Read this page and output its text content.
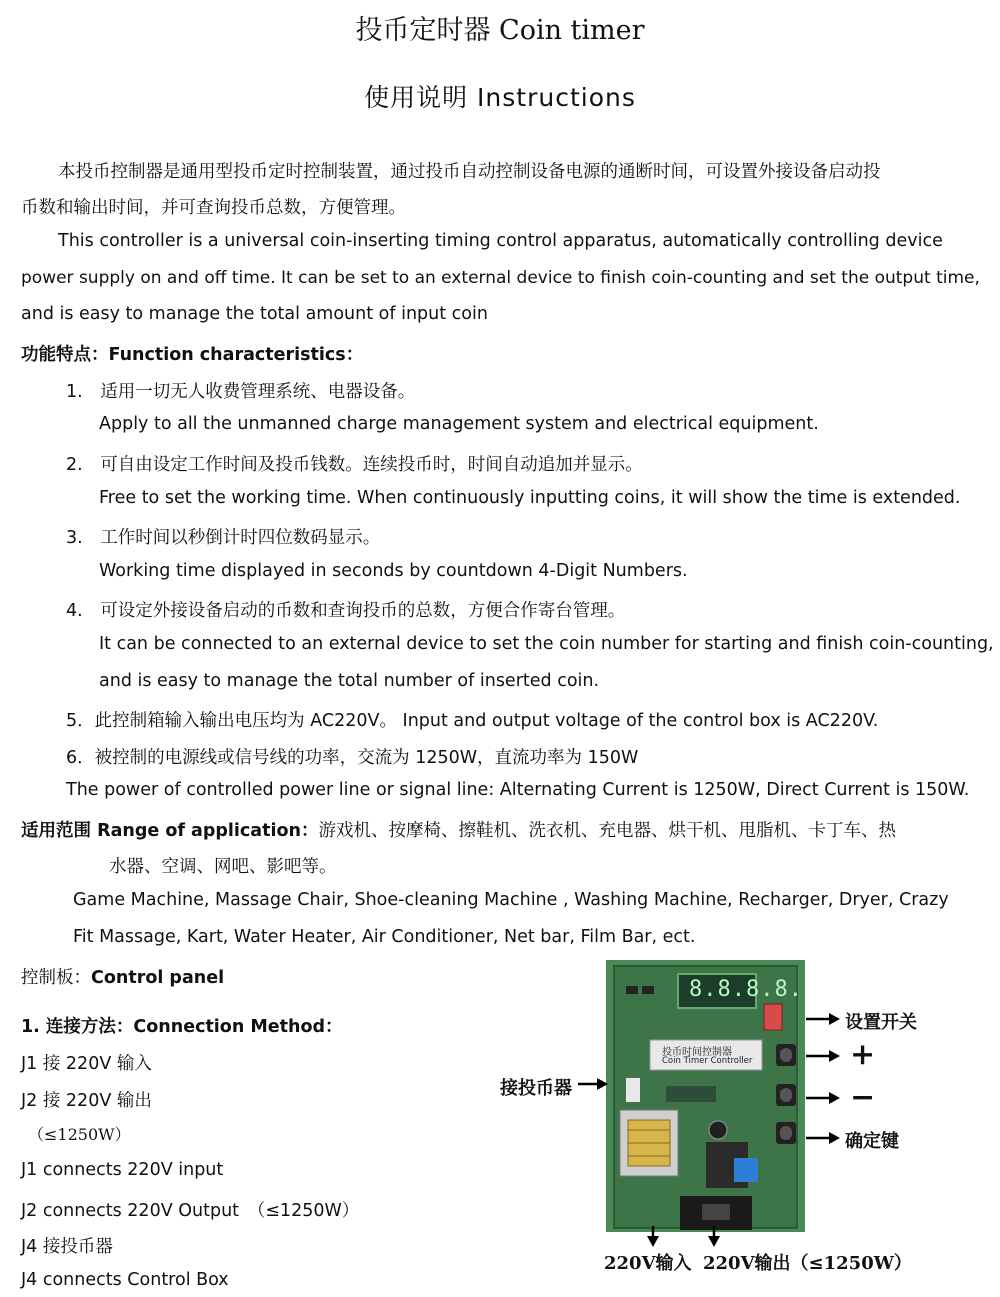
投币定时器 Coin timer
使用说明 Instructions
本投币控制器是通用型投币定时控制装置，通过投币自动控制设备电源的通断时间，可设置外接设备启动投
币数和输出时间，并可查询投币总数，方便管理。
This controller is a universal coin-inserting timing control apparatus, automatically controlling device
power supply on and off time. It can be set to an external device to finish coin-counting and set the output time,
and is easy to manage the total amount of input coin
功能特点：Function characteristics：
1.　适用一切无人收费管理系统、电器设备。
Apply to all the unmanned charge management system and electrical equipment.
2.　可自由设定工作时间及投币钱数。连续投币时，时间自动追加并显示。
Free to set the working time. When continuously inputting coins, it will show the time is extended.
3.　工作时间以秒倒计时四位数码显示。
Working time displayed in seconds by countdown 4-Digit Numbers.
4.　可设定外接设备启动的币数和查询投币的总数，方便合作寄台管理。
It can be connected to an external device to set the coin number for starting and finish coin-counting,
and is easy to manage the total number of inserted coin.
5．此控制箱输入输出电压均为 AC220V。 Input and output voltage of the control box is AC220V.
6．被控制的电源线或信号线的功率，交流为 1250W，直流功率为 150W
The power of controlled power line or signal line: Alternating Current is 1250W, Direct Current is 150W.
适用范围 Range of application：游戏机、按摩椅、擦鞋机、洗衣机、充电器、烘干机、甩脂机、卡丁车、热
水器、空调、网吧、影吧等。
Game Machine, Massage Chair, Shoe-cleaning Machine , Washing Machine, Recharger, Dryer, Crazy
Fit Massage, Kart, Water Heater, Air Conditioner, Net bar, Film Bar, ect.
控制板：Control panel
1. 连接方法：Connection Method：
J1 接 220V 输入
J2 接 220V 输出
（≤1250W）
J1 connects 220V input
J2 connects 220V Output　（≤1250W）
J4 接投币器
J4 connects Control Box
8.8.8.8.
投币时间控制器
Coin Timer Controller
设置开关
+
−
确定键
接投币器
220V输入 220V输出（≤1250W）
